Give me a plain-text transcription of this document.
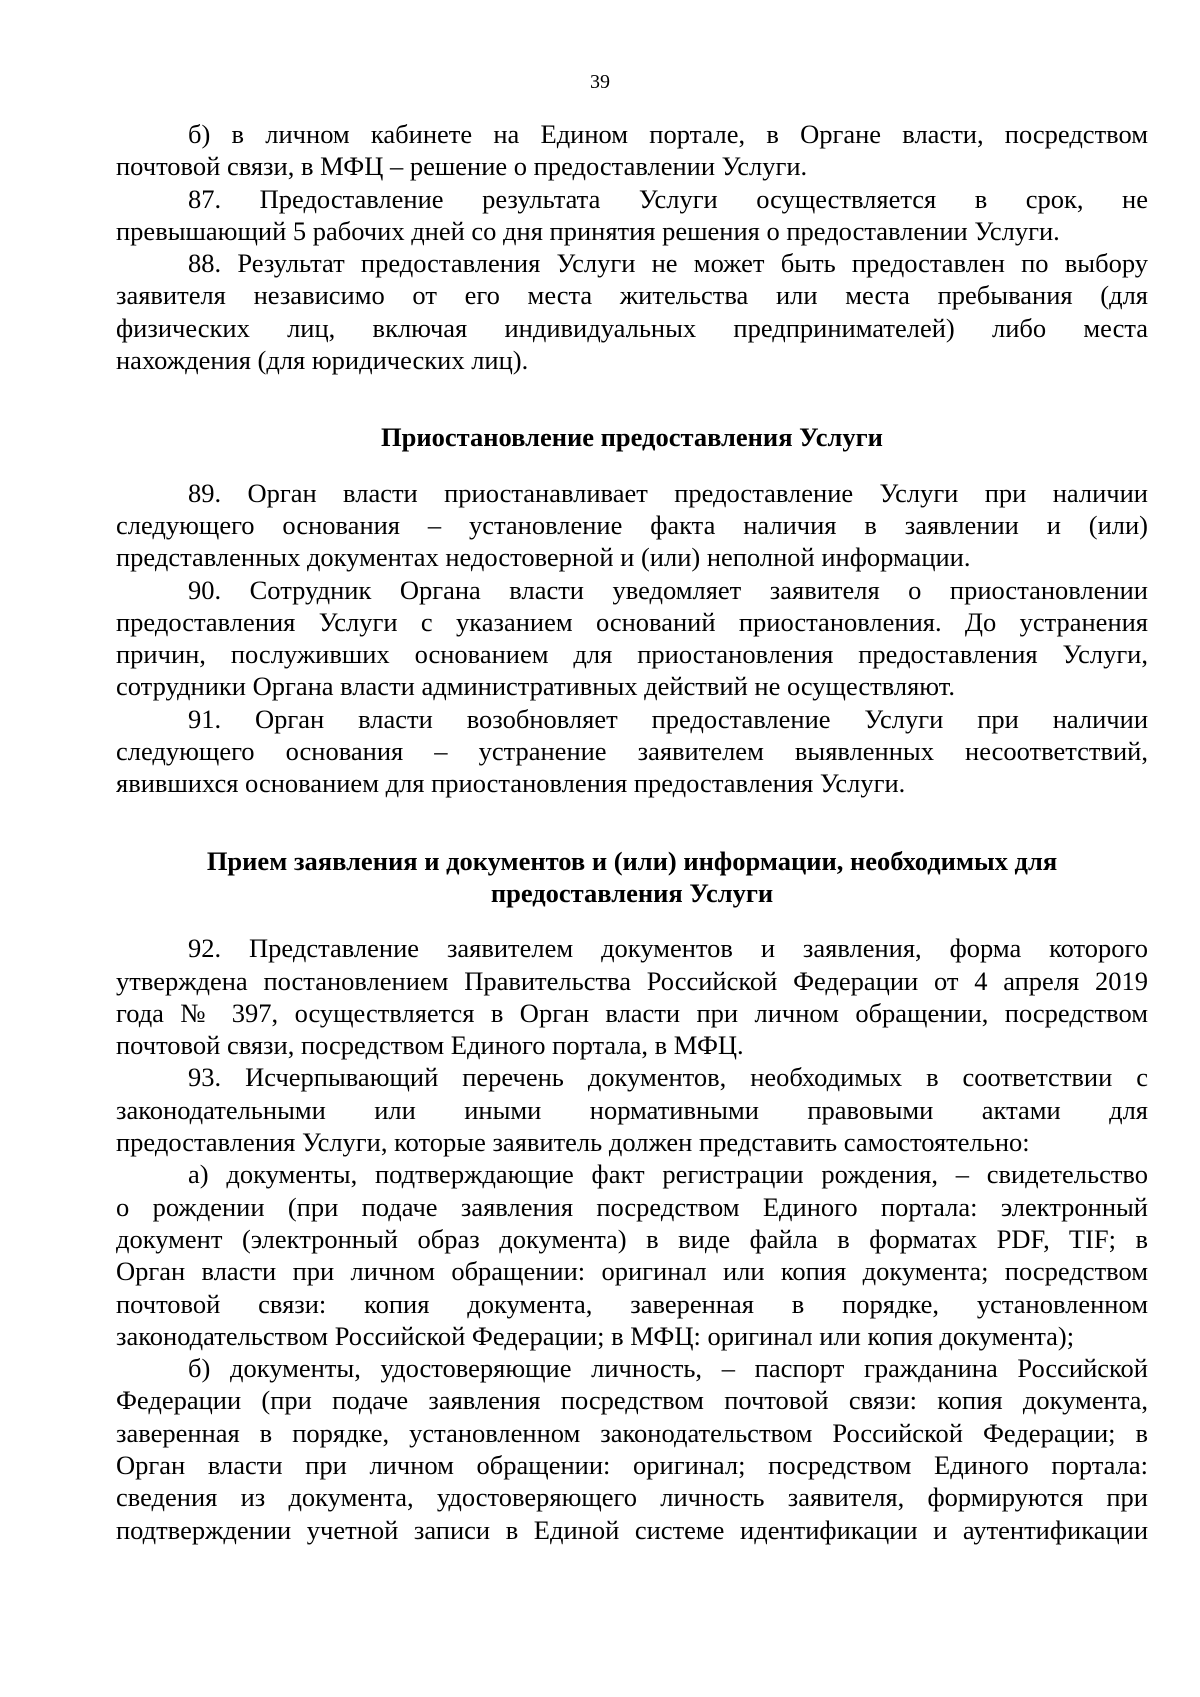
39
б) в личном кабинете на Едином портале, в Органе власти, посредством
почтовой связи, в МФЦ – решение о предоставлении Услуги.
87. Предоставление результата Услуги осуществляется в срок, не
превышающий 5 рабочих дней со дня принятия решения о предоставлении Услуги.
88. Результат предоставления Услуги не может быть предоставлен по выбору
заявителя независимо от его места жительства или места пребывания (для
физических лиц, включая индивидуальных предпринимателей) либо места
нахождения (для юридических лиц).
Приостановление предоставления Услуги
89. Орган власти приостанавливает предоставление Услуги при наличии
следующего основания – установление факта наличия в заявлении и (или)
представленных документах недостоверной и (или) неполной информации.
90. Сотрудник Органа власти уведомляет заявителя о приостановлении
предоставления Услуги с указанием оснований приостановления. До устранения
причин, послуживших основанием для приостановления предоставления Услуги,
сотрудники Органа власти административных действий не осуществляют.
91. Орган власти возобновляет предоставление Услуги при наличии
следующего основания – устранение заявителем выявленных несоответствий,
явившихся основанием для приостановления предоставления Услуги.
Прием заявления и документов и (или) информации, необходимых для
предоставления Услуги
92. Представление заявителем документов и заявления, форма которого
утверждена постановлением Правительства Российской Федерации от 4 апреля 2019
года № 397, осуществляется в Орган власти при личном обращении, посредством
почтовой связи, посредством Единого портала, в МФЦ.
93. Исчерпывающий перечень документов, необходимых в соответствии с
законодательными или иными нормативными правовыми актами для
предоставления Услуги, которые заявитель должен представить самостоятельно:
а) документы, подтверждающие факт регистрации рождения, – свидетельство
о рождении (при подаче заявления посредством Единого портала: электронный
документ (электронный образ документа) в виде файла в форматах PDF, TIF; в
Орган власти при личном обращении: оригинал или копия документа; посредством
почтовой связи: копия документа, заверенная в порядке, установленном
законодательством Российской Федерации; в МФЦ: оригинал или копия документа);
б) документы, удостоверяющие личность, – паспорт гражданина Российской
Федерации (при подаче заявления посредством почтовой связи: копия документа,
заверенная в порядке, установленном законодательством Российской Федерации; в
Орган власти при личном обращении: оригинал; посредством Единого портала:
сведения из документа, удостоверяющего личность заявителя, формируются при
подтверждении учетной записи в Единой системе идентификации и аутентификации
